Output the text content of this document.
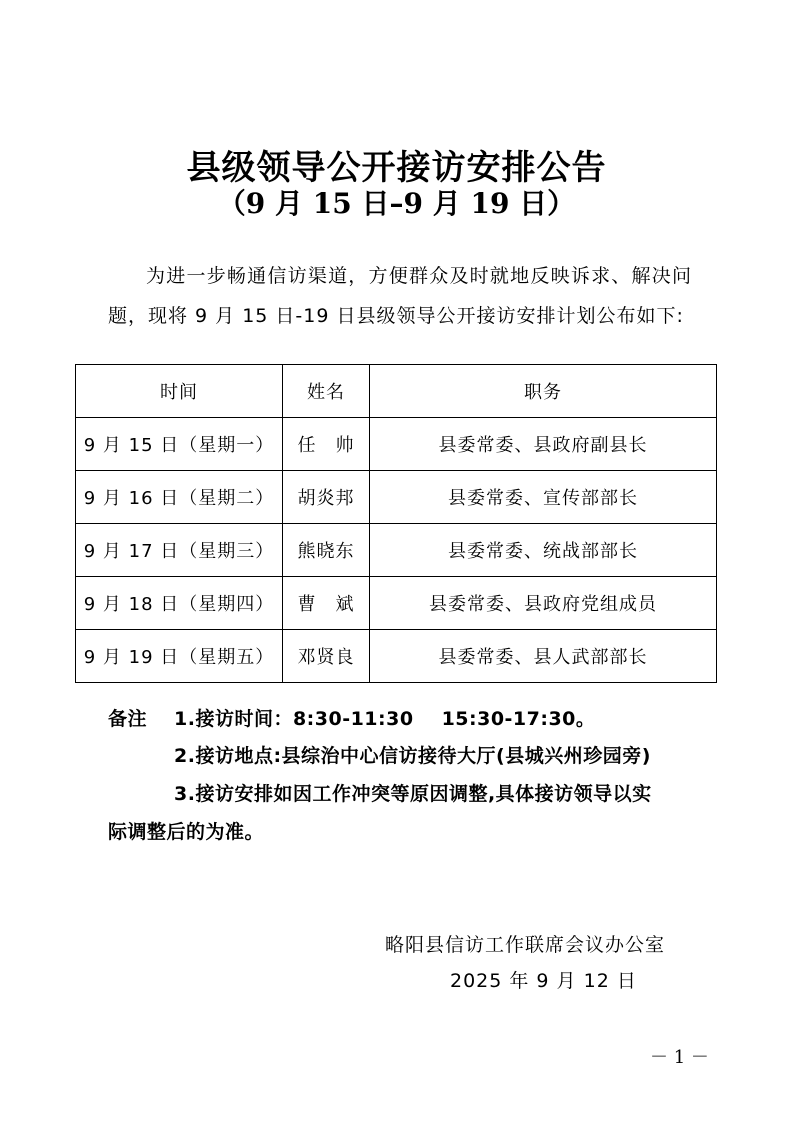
县级领导公开接访安排公告
（9 月 15 日–9 月 19 日）

为进一步畅通信访渠道，方便群众及时就地反映诉求、解决问题，现将 9 月 15 日-19 日县级领导公开接访安排计划公布如下:

时间	姓名	职务
9 月 15 日（星期一）	任　帅	县委常委、县政府副县长
9 月 16 日（星期二）	胡炎邦	县委常委、宣传部部长
9 月 17 日（星期三）	熊晓东	县委常委、统战部部长
9 月 18 日（星期四）	曹　斌	县委常委、县政府党组成员
9 月 19 日（星期五）	邓贤良	县委常委、县人武部部长

备注 1.接访时间：8:30-11:30 15:30-17:30。

2.接访地点:县综治中心信访接待大厅(县城兴州珍园旁)

3.接访安排如因工作冲突等原因调整,具体接访领导以实

际调整后的为准。

略阳县信访工作联席会议办公室

2025 年 9 月 12 日

－ 1 －
